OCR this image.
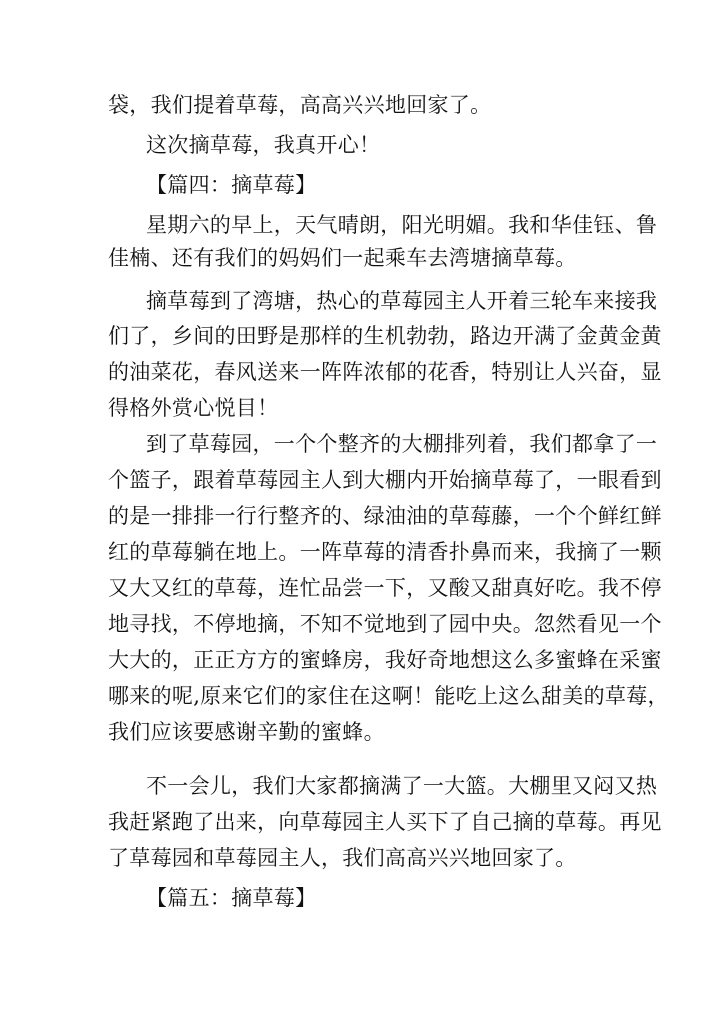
袋，我们提着草莓，高高兴兴地回家了。
这次摘草莓，我真开心！
【篇四：摘草莓】
星期六的早上，天气晴朗，阳光明媚。我和华佳钰、鲁
佳楠、还有我们的妈妈们一起乘车去湾塘摘草莓。
摘草莓到了湾塘，热心的草莓园主人开着三轮车来接我
们了，乡间的田野是那样的生机勃勃，路边开满了金黄金黄
的油菜花，春风送来一阵阵浓郁的花香，特别让人兴奋，显
得格外赏心悦目！
到了草莓园，一个个整齐的大棚排列着，我们都拿了一
个篮子，跟着草莓园主人到大棚内开始摘草莓了，一眼看到
的是一排排一行行整齐的、绿油油的草莓藤，一个个鲜红鲜
红的草莓躺在地上。一阵草莓的清香扑鼻而来，我摘了一颗
又大又红的草莓，连忙品尝一下，又酸又甜真好吃。我不停
地寻找，不停地摘，不知不觉地到了园中央。忽然看见一个
大大的，正正方方的蜜蜂房，我好奇地想这么多蜜蜂在采蜜
哪来的呢,原来它们的家住在这啊！能吃上这么甜美的草莓，
我们应该要感谢辛勤的蜜蜂。
不一会儿，我们大家都摘满了一大篮。大棚里又闷又热
我赶紧跑了出来，向草莓园主人买下了自己摘的草莓。再见
了草莓园和草莓园主人，我们高高兴兴地回家了。
【篇五：摘草莓】
